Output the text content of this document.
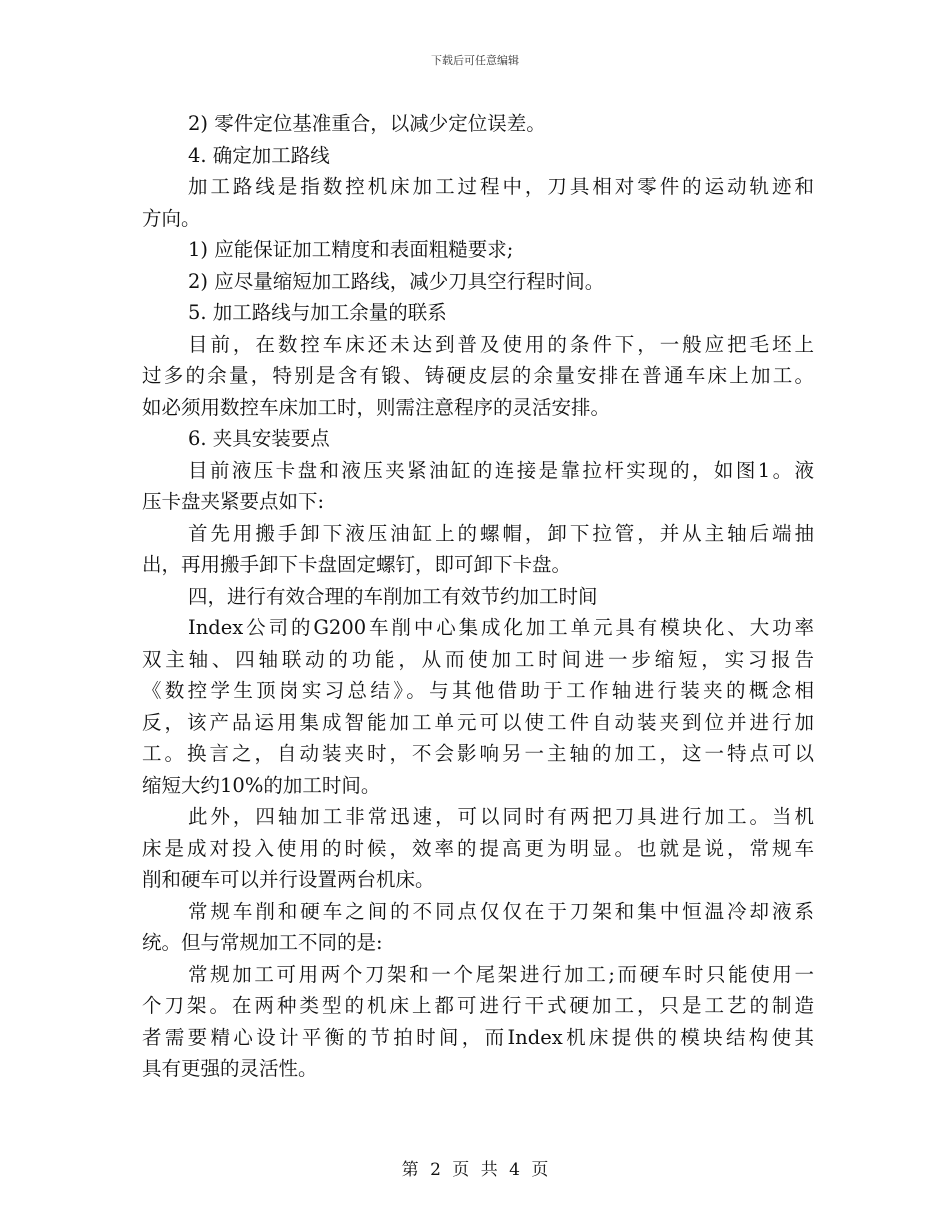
下载后可任意编辑
2) 零件定位基准重合，以减少定位误差。
4. 确定加工路线
加工路线是指数控机床加工过程中，刀具相对零件的运动轨迹和
方向。
1) 应能保证加工精度和表面粗糙要求;
2) 应尽量缩短加工路线，减少刀具空行程时间。
5. 加工路线与加工余量的联系
目前，在数控车床还未达到普及使用的条件下，一般应把毛坯上
过多的余量，特别是含有锻、铸硬皮层的余量安排在普通车床上加工。
如必须用数控车床加工时，则需注意程序的灵活安排。
6. 夹具安装要点
目前液压卡盘和液压夹紧油缸的连接是靠拉杆实现的，如图1。液
压卡盘夹紧要点如下:
首先用搬手卸下液压油缸上的螺帽，卸下拉管，并从主轴后端抽
出，再用搬手卸下卡盘固定螺钉，即可卸下卡盘。
四，进行有效合理的车削加工有效节约加工时间
Index公司的G200车削中心集成化加工单元具有模块化、大功率
双主轴、四轴联动的功能，从而使加工时间进一步缩短，实习报告
《数控学生顶岗实习总结》。与其他借助于工作轴进行装夹的概念相
反，该产品运用集成智能加工单元可以使工件自动装夹到位并进行加
工。换言之，自动装夹时，不会影响另一主轴的加工，这一特点可以
缩短大约10%的加工时间。
此外，四轴加工非常迅速，可以同时有两把刀具进行加工。当机
床是成对投入使用的时候，效率的提高更为明显。也就是说，常规车
削和硬车可以并行设置两台机床。
常规车削和硬车之间的不同点仅仅在于刀架和集中恒温冷却液系
统。但与常规加工不同的是:
常规加工可用两个刀架和一个尾架进行加工;而硬车时只能使用一
个刀架。在两种类型的机床上都可进行干式硬加工，只是工艺的制造
者需要精心设计平衡的节拍时间，而Index机床提供的模块结构使其
具有更强的灵活性。
第 2 页 共 4 页
